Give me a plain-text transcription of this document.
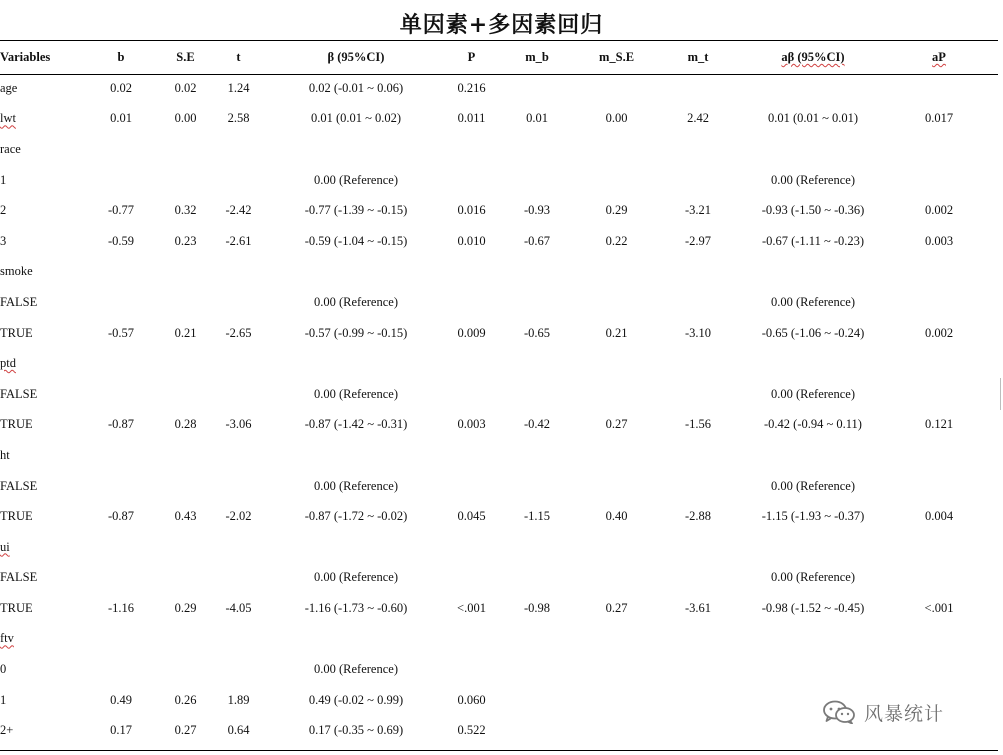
单因素+多因素回归
Variables	b	S.E	t	β (95%CI)	P	m_b	m_S.E	m_t	aβ (95%CI)	aP
age	0.02	0.02	1.24	0.02 (-0.01 ~ 0.06)	0.216					
lwt	0.01	0.00	2.58	0.01 (0.01 ~ 0.02)	0.011	0.01	0.00	2.42	0.01 (0.01 ~ 0.01)	0.017
race										
1				0.00 (Reference)					0.00 (Reference)	
2	-0.77	0.32	-2.42	-0.77 (-1.39 ~ -0.15)	0.016	-0.93	0.29	-3.21	-0.93 (-1.50 ~ -0.36)	0.002
3	-0.59	0.23	-2.61	-0.59 (-1.04 ~ -0.15)	0.010	-0.67	0.22	-2.97	-0.67 (-1.11 ~ -0.23)	0.003
smoke										
FALSE				0.00 (Reference)					0.00 (Reference)	
TRUE	-0.57	0.21	-2.65	-0.57 (-0.99 ~ -0.15)	0.009	-0.65	0.21	-3.10	-0.65 (-1.06 ~ -0.24)	0.002
ptd										
FALSE				0.00 (Reference)					0.00 (Reference)	
TRUE	-0.87	0.28	-3.06	-0.87 (-1.42 ~ -0.31)	0.003	-0.42	0.27	-1.56	-0.42 (-0.94 ~ 0.11)	0.121
ht										
FALSE				0.00 (Reference)					0.00 (Reference)	
TRUE	-0.87	0.43	-2.02	-0.87 (-1.72 ~ -0.02)	0.045	-1.15	0.40	-2.88	-1.15 (-1.93 ~ -0.37)	0.004
ui										
FALSE				0.00 (Reference)					0.00 (Reference)	
TRUE	-1.16	0.29	-4.05	-1.16 (-1.73 ~ -0.60)	<.001	-0.98	0.27	-3.61	-0.98 (-1.52 ~ -0.45)	<.001
ftv										
0				0.00 (Reference)						
1	0.49	0.26	1.89	0.49 (-0.02 ~ 0.99)	0.060					
2+	0.17	0.27	0.64	0.17 (-0.35 ~ 0.69)	0.522					
风暴统计
